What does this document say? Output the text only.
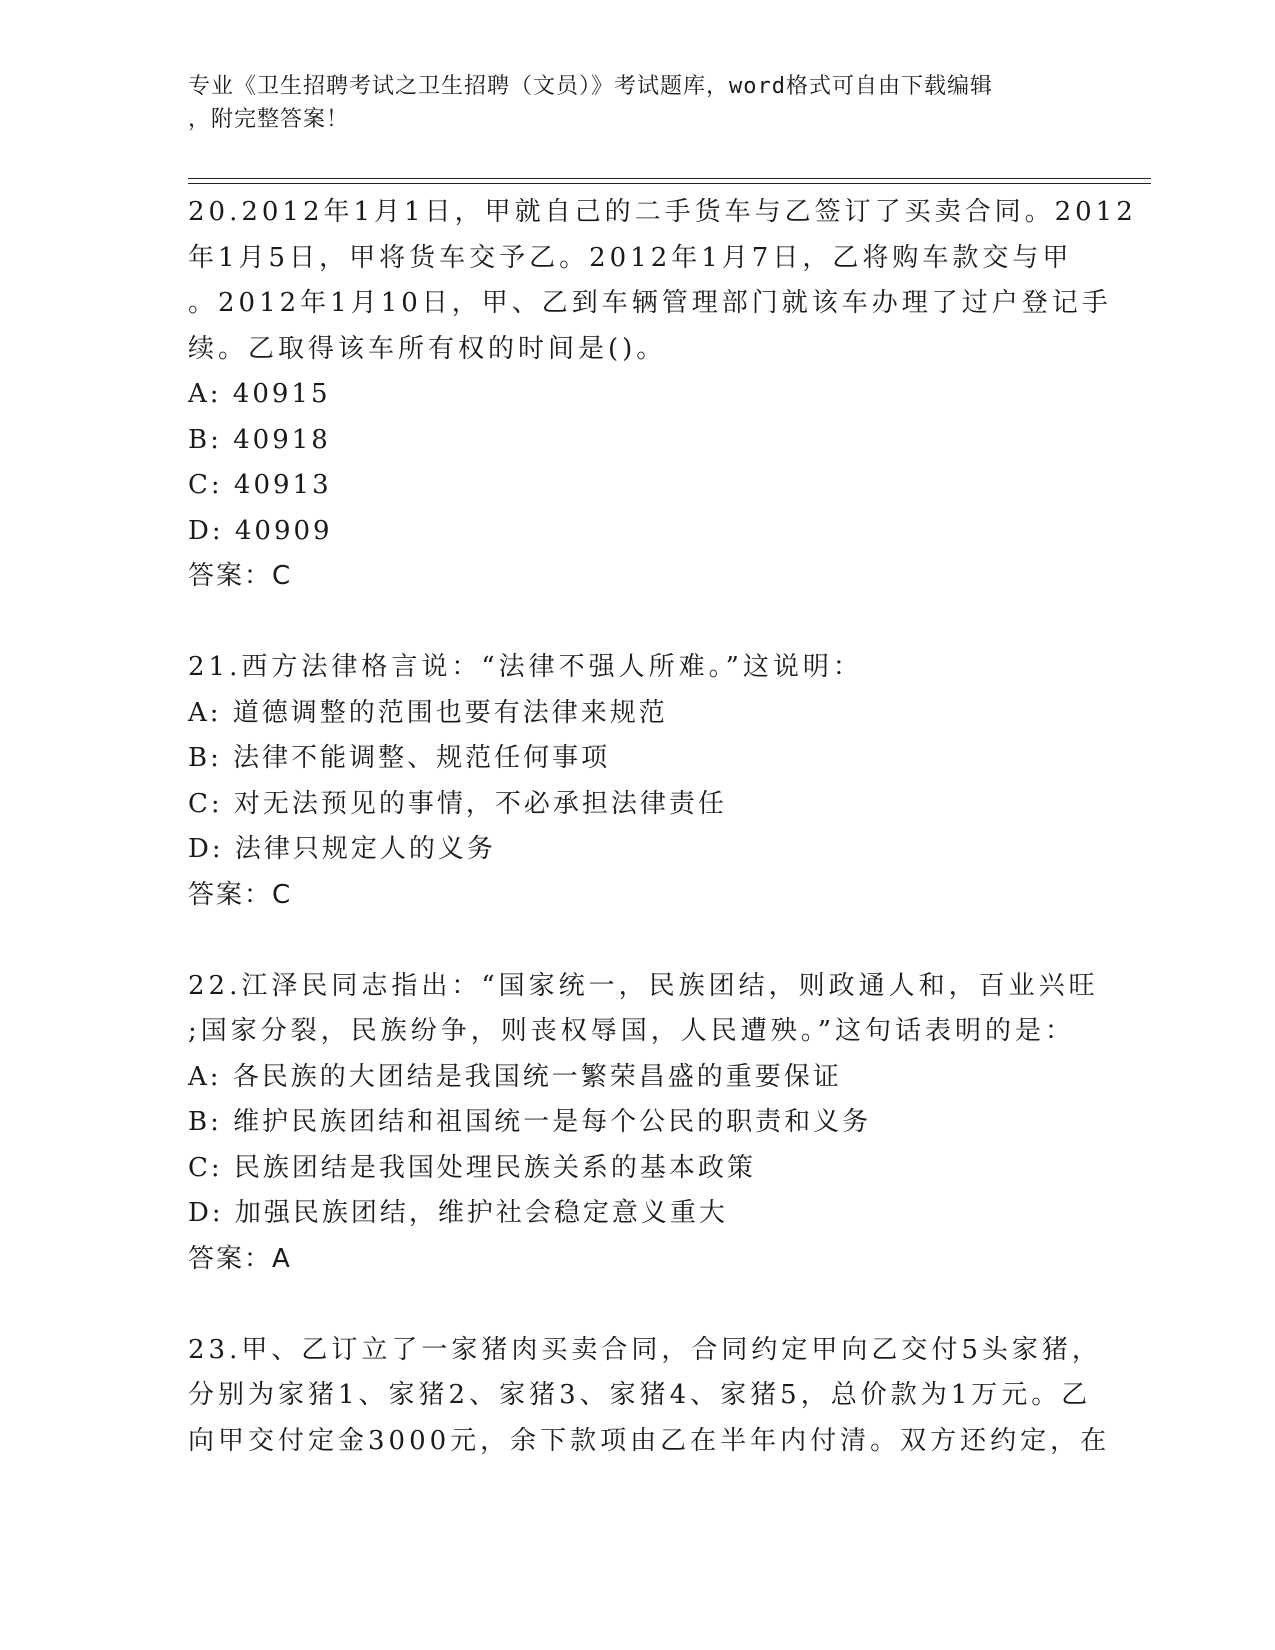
专业《卫生招聘考试之卫生招聘（文员）》考试题库，word格式可自由下载编辑
，附完整答案！
20.2012年1月1日，甲就自己的二手货车与乙签订了买卖合同。2012
年1月5日，甲将货车交予乙。2012年1月7日，乙将购车款交与甲
。2012年1月10日，甲、乙到车辆管理部门就该车办理了过户登记手
续。乙取得该车所有权的时间是()。
A: 40915
B: 40918
C: 40913
D: 40909
答案：C
21.西方法律格言说：“法律不强人所难。”这说明：
A: 道德调整的范围也要有法律来规范
B: 法律不能调整、规范任何事项
C: 对无法预见的事情，不必承担法律责任
D: 法律只规定人的义务
答案：C
22.江泽民同志指出：“国家统一，民族团结，则政通人和，百业兴旺
;国家分裂，民族纷争，则丧权辱国，人民遭殃。”这句话表明的是：
A: 各民族的大团结是我国统一繁荣昌盛的重要保证
B: 维护民族团结和祖国统一是每个公民的职责和义务
C: 民族团结是我国处理民族关系的基本政策
D: 加强民族团结，维护社会稳定意义重大
答案：A
23.甲、乙订立了一家猪肉买卖合同，合同约定甲向乙交付5头家猪，
分别为家猪1、家猪2、家猪3、家猪4、家猪5，总价款为1万元。乙
向甲交付定金3000元，余下款项由乙在半年内付清。双方还约定，在
